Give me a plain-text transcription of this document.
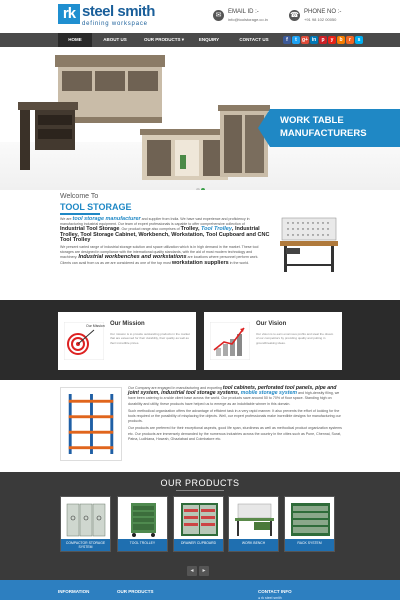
rk steel smith
defining workspace
✉	EMAIL ID :-
info@toolstorage.co.in
☎ PHONE NO :-
+91 98 102 00050
HOME	ABOUT US	OUR PRODUCTS ▾	ENQUIRY	CONTACT US	f	t	g+ in	p	y	b	r	s
WORK TABLE
MANUFACTURERS
Welcome To
TOOL STORAGE

We are tool storage manufacturer and supplier from India. We have vast experience and proficiency in manufacturing industrial equipment. Our team of expert professionals is capable to offer comprehensive collection of Industrial Tool Storage. Our product range also comprises of Trolley, Tool Trolley, Industrial Trolley, Tool Storage Cabinet, Workbench, Workstation, Tool Cupboard and CNC Tool Trolley

We present varied range of industrial storage solution and space utilization which is in high demand in the market. These tool storages are designed in compliance with the international quality standards, with the aid of most modern technology and machinery. Industrial workbenches and workstations are locations where personnel perform work. Clients can avail from us as we are considered as one of the top most workstation suppliers in the world.

Our Mission Our Mission
Our mission is to provide outstanding products in the market that are esteemed for their durability, their quality as well as their incredible prices.
Our Vision
Our vision is to earn enormous profits and steal the dream of our competitors by providing quality and putting in groundbreaking ideas.

Our Company are engaged in manufacturing and exporting tool cabinets, perforated tool panels, pipe and joint system, industrial tool storage systems, mobile storage system and high-density filing, we have been catering to a wide client base across the world. Our products save around 50 to 70% of floor space. Standing high on durability and utility, these products have helped us to emerge as an indubitable winner in this domain.

Such methodical organization offers the advantage of efficient task in a very rapid manner. It also prevents the effort of looking for the tools required or the possibility of misplacing the objects. Well, our expert professionals make incredible designs for manufacturing our products.

Our products are preferred for their exceptional aspects, good life span, sturdiness as well as methodical product organization systems etc. Our products are immensely demanded by the numerous industries across the country in the cities such as Pune, Chennai, Surat, Patna, Ludhiana, Howrah, Ghaziabad and Coimbatore etc.

OUR PRODUCTS
COMPACTOR STORAGE SYSTEM
TOOL TROLLEY	DRAWER CUPBOARD	WORK BENCH	RACK SYSTEM
◂ ▸
INFORMATION	OUR PRODUCTS	CONTACT INFO
● rk steel smith
